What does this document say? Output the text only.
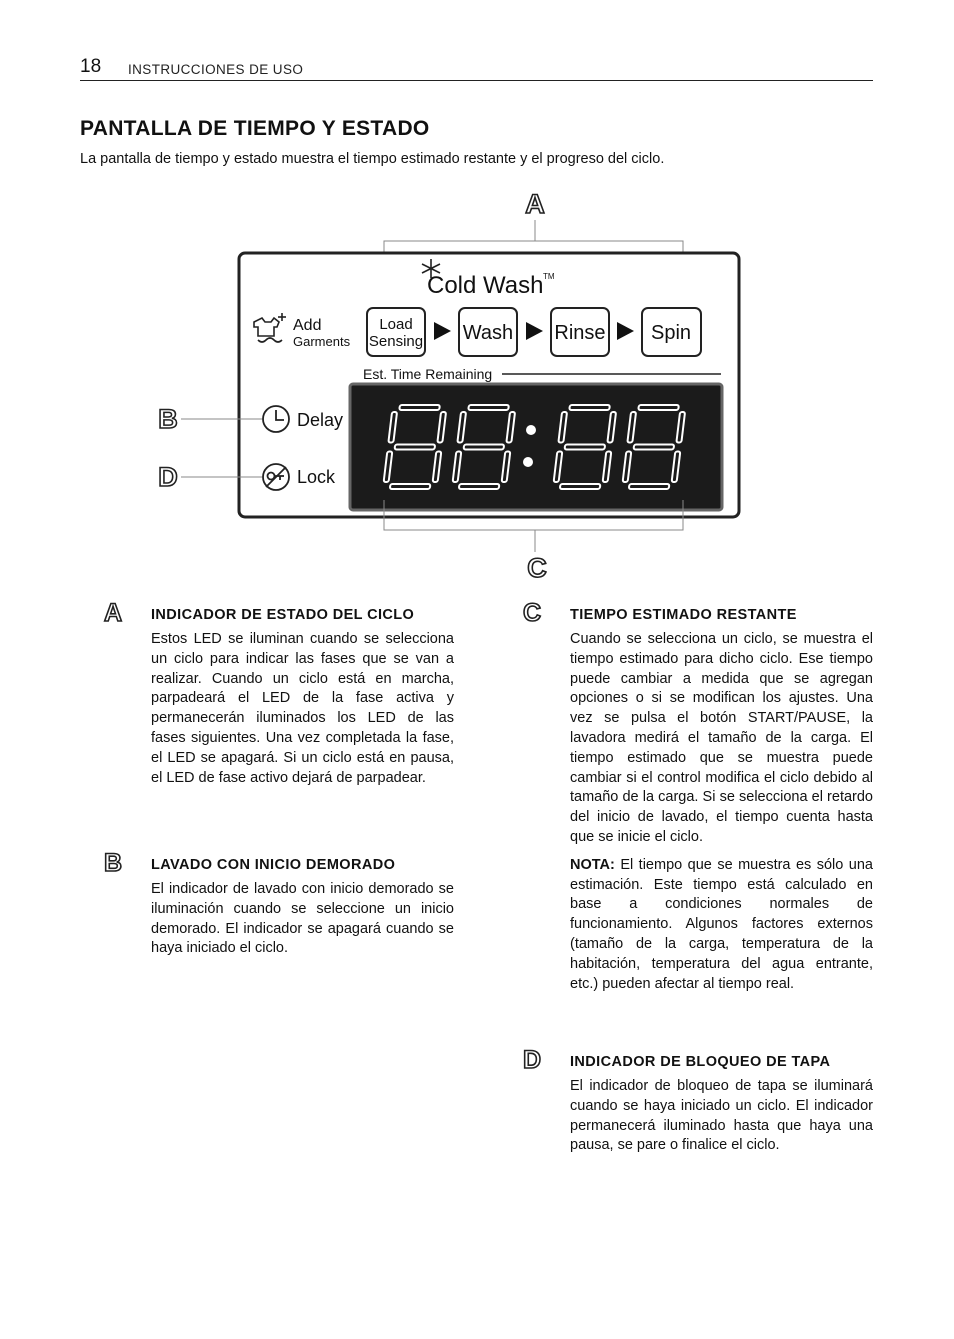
18 INSTRUCCIONES DE USO
PANTALLA DE TIEMPO Y ESTADO

La pantalla de tiempo y estado muestra el tiempo estimado restante y el progreso del ciclo.

A
Cold Wash TM
Add
Garments
Load
Sensing Wash Rinse Spin
Est. Time Remaining
Delay
Lock
B
D
C
A INDICADOR DE ESTADO DEL CICLO

Estos LED se iluminan cuando se selecciona un ciclo para indicar las fases que se van a realizar. Cuando un ciclo está en marcha, parpadeará el LED de la fase activa y permanecerán iluminados los LED de las fases siguientes. Una vez completada la fase, el LED se apagará. Si un ciclo está en pausa, el LED de fase activo dejará de parpadear.

B LAVADO CON INICIO DEMORADO

El indicador de lavado con inicio demorado se iluminación cuando se seleccione un inicio demorado. El indicador se apagará cuando se haya iniciado el ciclo.

C TIEMPO ESTIMADO RESTANTE

Cuando se selecciona un ciclo, se muestra el tiempo estimado para dicho ciclo. Ese tiempo puede cambiar a medida que se agregan opciones o si se modifican los ajustes. Una vez se pulsa el botón START/PAUSE, la lavadora medirá el tamaño de la carga. El tiempo estimado que se muestra puede cambiar si el control modifica el ciclo debido al tamaño de la carga. Si se selecciona el retardo del inicio de lavado, el tiempo cuenta hasta que se inicie el ciclo.

NOTA: El tiempo que se muestra es sólo una estimación. Este tiempo está calculado en base a condiciones normales de funcionamiento. Algunos factores externos (tamaño de la carga, temperatura de la habitación, temperatura del agua entrante, etc.) pueden afectar al tiempo real.

D INDICADOR DE BLOQUEO DE TAPA

El indicador de bloqueo de tapa se iluminará cuando se haya iniciado un ciclo. El indicador permanecerá iluminado hasta que haya una pausa, se pare o finalice el ciclo.
